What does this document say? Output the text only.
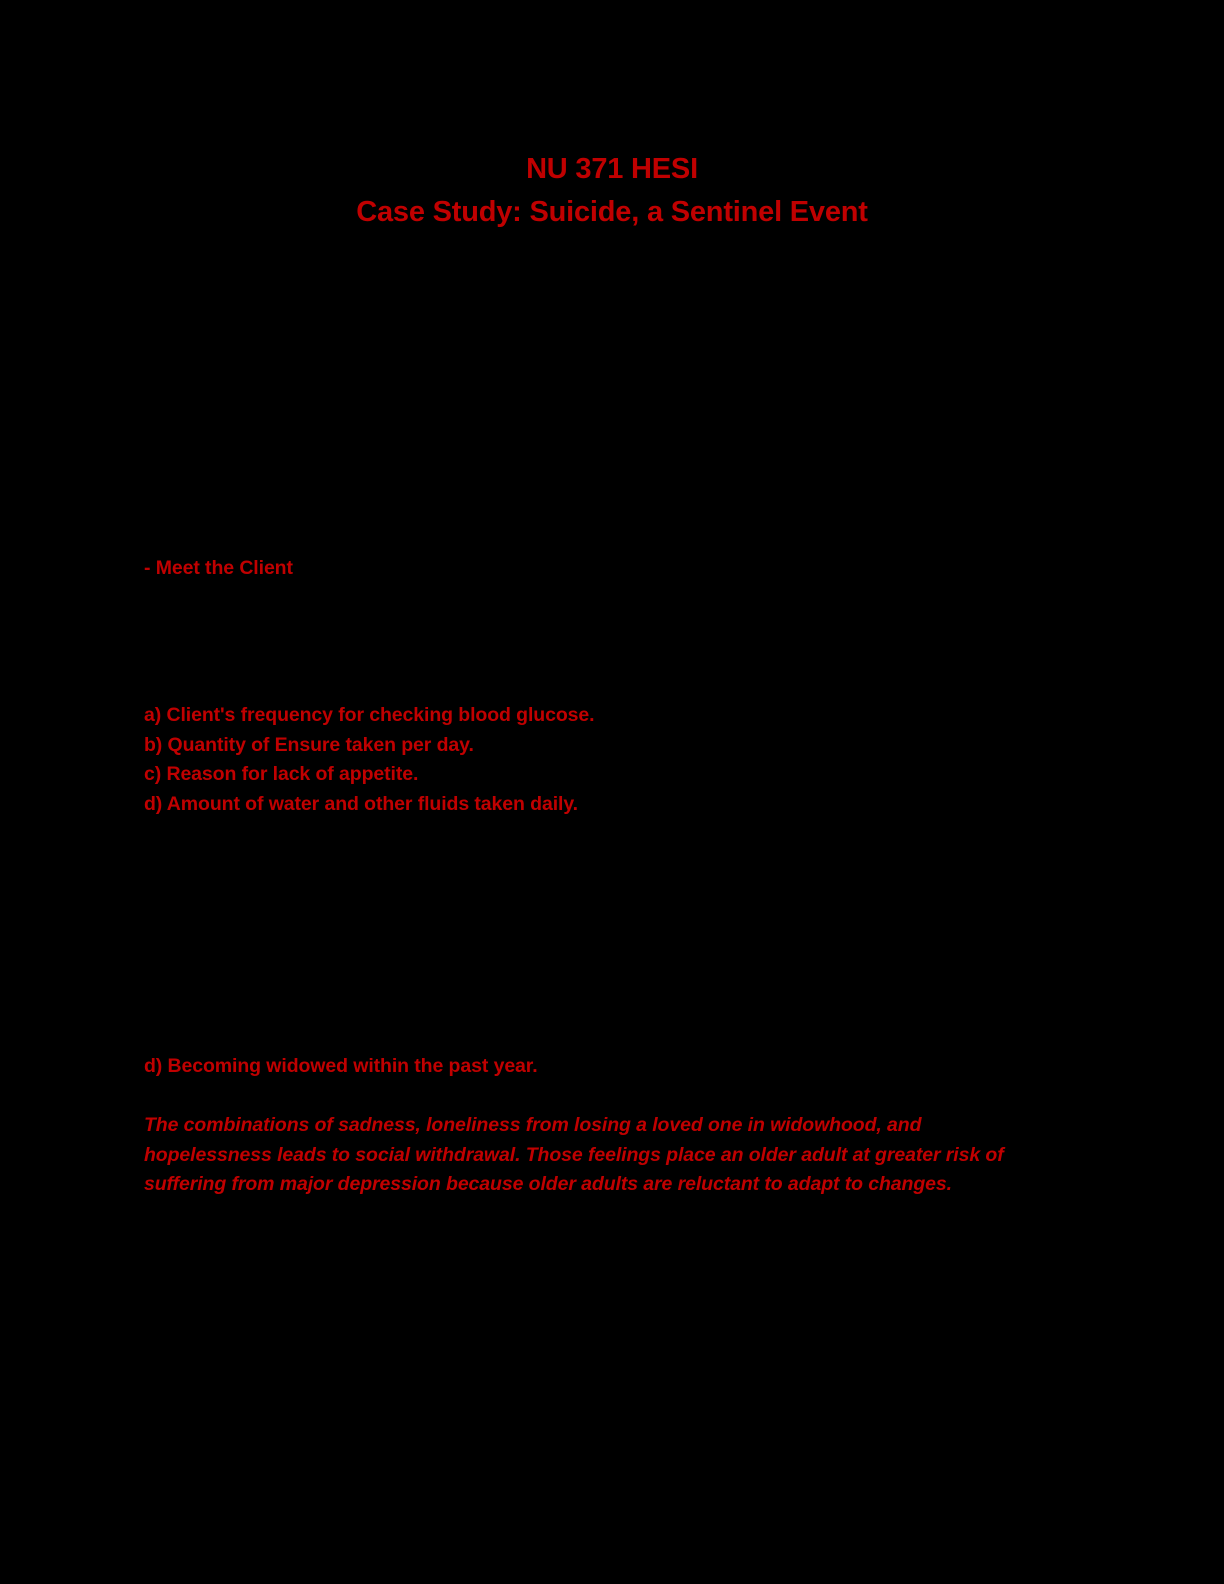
NU 371 HESI
Case Study: Suicide, a Sentinel Event
- Meet the Client
a) Client's frequency for checking blood glucose.
b) Quantity of Ensure taken per day.
c) Reason for lack of appetite.
d) Amount of water and other fluids taken daily.
d) Becoming widowed within the past year.
The combinations of sadness, loneliness from losing a loved one in widowhood, and
hopelessness leads to social withdrawal. Those feelings place an older adult at greater risk of
suffering from major depression because older adults are reluctant to adapt to changes.
